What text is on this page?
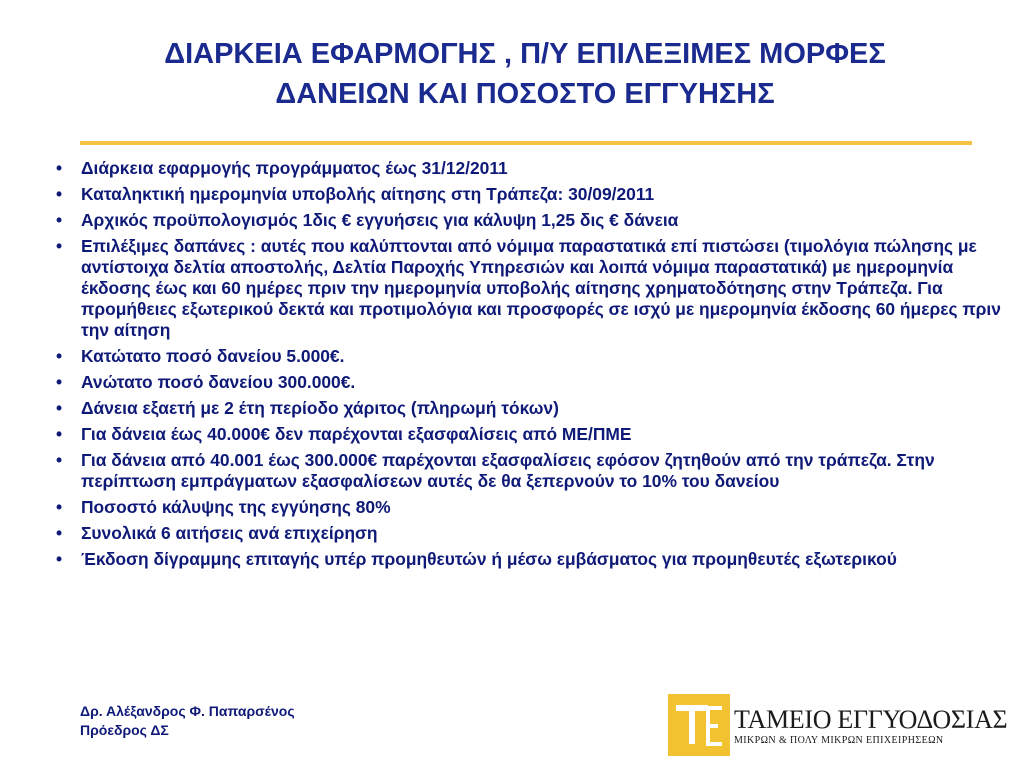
ΔΙΑΡΚΕΙΑ ΕΦΑΡΜΟΓΗΣ , Π/Υ ΕΠΙΛΕΞΙΜΕΣ ΜΟΡΦΕΣ
ΔΑΝΕΙΩΝ ΚΑΙ ΠΟΣΟΣΤΟ ΕΓΓΥΗΣΗΣ
• Διάρκεια εφαρμογής προγράμματος έως 31/12/2011
• Καταληκτική ημερομηνία υποβολής αίτησης στη Τράπεζα: 30/09/2011
• Αρχικός προϋπολογισμός 1δις € εγγυήσεις για κάλυψη 1,25 δις € δάνεια
• Επιλέξιμες δαπάνες : αυτές που καλύπτονται από νόμιμα παραστατικά επί πιστώσει (τιμολόγια πώλησης με αντίστοιχα δελτία αποστολής, Δελτία Παροχής Υπηρεσιών και λοιπά νόμιμα παραστατικά) με ημερομηνία έκδοσης έως και 60 ημέρες πριν την ημερομηνία υποβολής αίτησης χρηματοδότησης στην Τράπεζα. Για προμήθειες εξωτερικού δεκτά και προτιμολόγια και προσφορές σε ισχύ με ημερομηνία έκδοσης 60 ήμερες πριν την αίτηση
• Κατώτατο ποσό δανείου 5.000€.
• Ανώτατο ποσό δανείου 300.000€.
• Δάνεια εξαετή με 2 έτη περίοδο χάριτος (πληρωμή τόκων)
• Για δάνεια έως 40.000€ δεν παρέχονται εξασφαλίσεις από ΜΕ/ΠΜΕ
• Για δάνεια από 40.001 έως 300.000€ παρέχονται εξασφαλίσεις εφόσον ζητηθούν από την τράπεζα. Στην περίπτωση εμπράγματων εξασφαλίσεων αυτές δε θα ξεπερνούν το 10% του δανείου
• Ποσοστό κάλυψης της εγγύησης 80%
• Συνολικά 6 αιτήσεις ανά επιχείρηση
• Έκδοση δίγραμμης επιταγής υπέρ προμηθευτών ή μέσω εμβάσματος για προμηθευτές εξωτερικού
Δρ. Αλέξανδρος Φ. Παπαρσένος
Πρόεδρος ΔΣ	ΤΑΜΕΙΟ ΕΓΓΥΟΔΟΣΙΑΣ
ΜΙΚΡΩΝ & ΠΟΛΥ ΜΙΚΡΩΝ ΕΠΙΧΕΙΡΗΣΕΩΝ
